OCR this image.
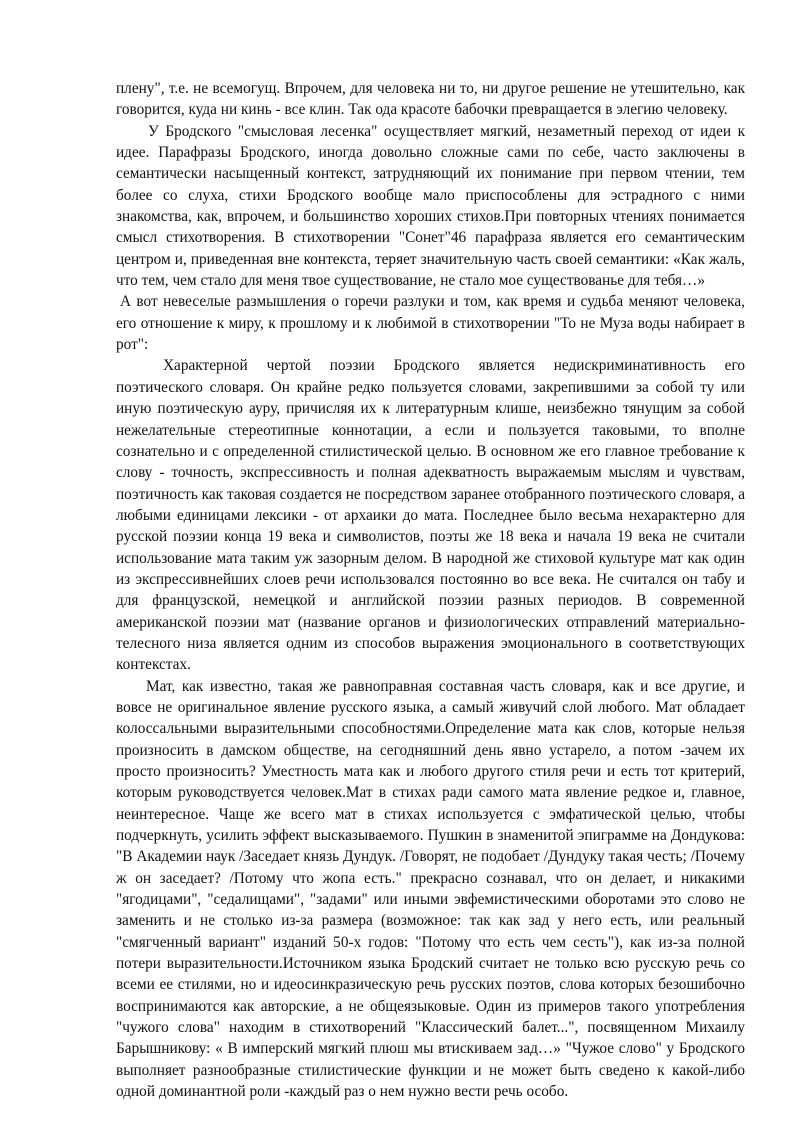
плену", т.е. не всемогущ. Впрочем, для человека ни то, ни другое решение не утешительно, как говорится, куда ни кинь - все клин. Так ода красоте бабочки превращается в элегию человеку.

У Бродского "смысловая лесенка" осуществляет мягкий, незаметный переход от идеи к идее. Парафразы Бродского, иногда довольно сложные сами по себе, часто заключены в семантически насыщенный контекст, затрудняющий их понимание при первом чтении, тем более со слуха, стихи Бродского вообще мало приспособлены для эстрадного с ними знакомства, как, впрочем, и большинство хороших стихов.При повторных чтениях понимается смысл стихотворения. В стихотворении "Сонет"46 парафраза является его семантическим центром и, приведенная вне контекста, теряет значительную часть своей семантики: «Как жаль, что тем, чем стало для меня твое существование, не стало мое существованье для тебя…»

А вот невеселые размышления о горечи разлуки и том, как время и судьба меняют человека, его отношение к миру, к прошлому и к любимой в стихотворении "То не Муза воды набирает в рот":

Характерной чертой поэзии Бродского является недискриминативность его поэтического словаря. Он крайне редко пользуется словами, закрепившими за собой ту или иную поэтическую ауру, причисляя их к литературным клише, неизбежно тянущим за собой нежелательные стереотипные коннотации, а если и пользуется таковыми, то вполне сознательно и с определенной стилистической целью. В основном же его главное требование к слову - точность, экспрессивность и полная адекватность выражаемым мыслям и чувствам, поэтичность как таковая создается не посредством заранее отобранного поэтического словаря, а любыми единицами лексики - от архаики до мата. Последнее было весьма нехарактерно для русской поэзии конца 19 века и символистов, поэты же 18 века и начала 19 века не считали использование мата таким уж зазорным делом. В народной же стиховой культуре мат как один из экспрессивнейших слоев речи использовался постоянно во все века. Не считался он табу и для французской, немецкой и английской поэзии разных периодов. В современной американской поэзии мат (название органов и физиологических отправлений материально-телесного низа является одним из способов выражения эмоционального в соответствующих контекстах.

Мат, как известно, такая же равноправная составная часть словаря, как и все другие, и вовсе не оригинальное явление русского языка, а самый живучий слой любого. Мат обладает колоссальными выразительными способностями.Определение мата как слов, которые нельзя произносить в дамском обществе, на сегодняшний день явно устарело, а потом -зачем их просто произносить? Уместность мата как и любого другого стиля речи и есть тот критерий, которым руководствуется человек.Мат в стихах ради самого мата явление редкое и, главное, неинтересное. Чаще же всего мат в стихах используется с эмфатической целью, чтобы подчеркнуть, усилить эффект высказываемого. Пушкин в знаменитой эпиграмме на Дондукова: "В Академии наук /Заседает князь Дундук. /Говорят, не подобает /Дундуку такая честь; /Почему ж он заседает? /Потому что жопа есть." прекрасно сознавал, что он делает, и никакими "ягодицами", "седалищами", "задами" или иными эвфемистическими оборотами это слово не заменить и не столько из-за размера (возможное: так как зад у него есть, или реальный "смягченный вариант" изданий 50-х годов: "Потому что есть чем сесть"), как из-за полной потери выразительности.Источником языка Бродский считает не только всю русскую речь со всеми ее стилями, но и идеосинкразическую речь русских поэтов, слова которых безошибочно воспринимаются как авторские, а не общеязыковые. Один из примеров такого употребления "чужого слова" находим в стихотворений "Классический балет...", посвященном Михаилу Барышникову: « В имперский мягкий плюш мы втискиваем зад…» "Чужое слово" у Бродского выполняет разнообразные стилистические функции и не может быть сведено к какой-либо одной доминантной роли -каждый раз о нем нужно вести речь особо.
